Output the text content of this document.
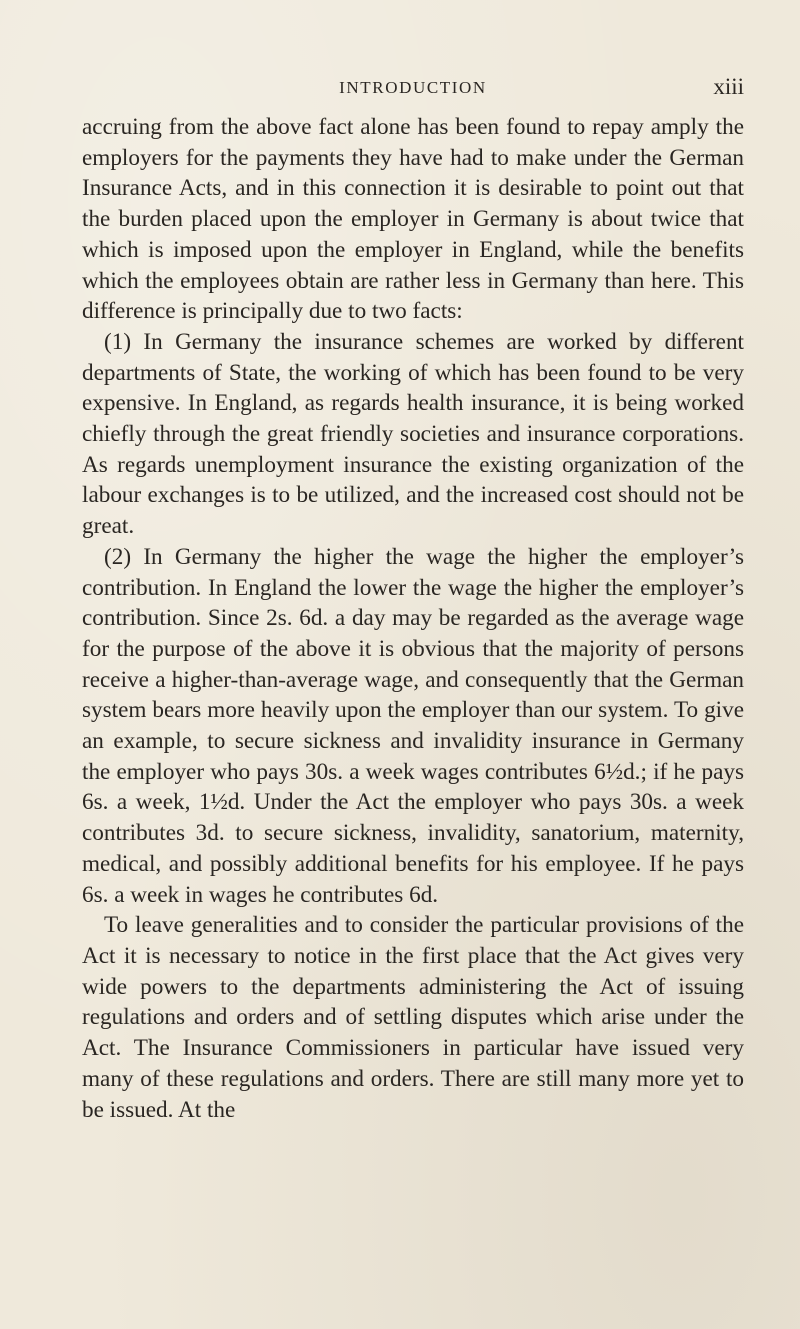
INTRODUCTION	xiii

accruing from the above fact alone has been found to repay amply the employers for the payments they have had to make under the German Insurance Acts, and in this connection it is desirable to point out that the burden placed upon the employer in Germany is about twice that which is imposed upon the employer in England, while the benefits which the employees obtain are rather less in Germany than here. This difference is principally due to two facts:

(1) In Germany the insurance schemes are worked by different departments of State, the working of which has been found to be very expensive. In England, as regards health insurance, it is being worked chiefly through the great friendly societies and insurance corporations. As regards unemployment insurance the existing organization of the labour exchanges is to be utilized, and the increased cost should not be great.

(2) In Germany the higher the wage the higher the employer’s contribution. In England the lower the wage the higher the employer’s contribution. Since 2s. 6d. a day may be regarded as the average wage for the purpose of the above it is obvious that the majority of persons receive a higher-than-average wage, and consequently that the German system bears more heavily upon the employer than our system. To give an example, to secure sickness and invalidity insurance in Germany the employer who pays 30s. a week wages contributes 6½d.; if he pays 6s. a week, 1½d. Under the Act the employer who pays 30s. a week contributes 3d. to secure sickness, invalidity, sanatorium, maternity, medical, and possibly additional benefits for his employee. If he pays 6s. a week in wages he contributes 6d.

To leave generalities and to consider the particular provisions of the Act it is necessary to notice in the first place that the Act gives very wide powers to the departments administering the Act of issuing regulations and orders and of settling disputes which arise under the Act. The Insurance Commissioners in particular have issued very many of these regulations and orders. There are still many more yet to be issued. At the
